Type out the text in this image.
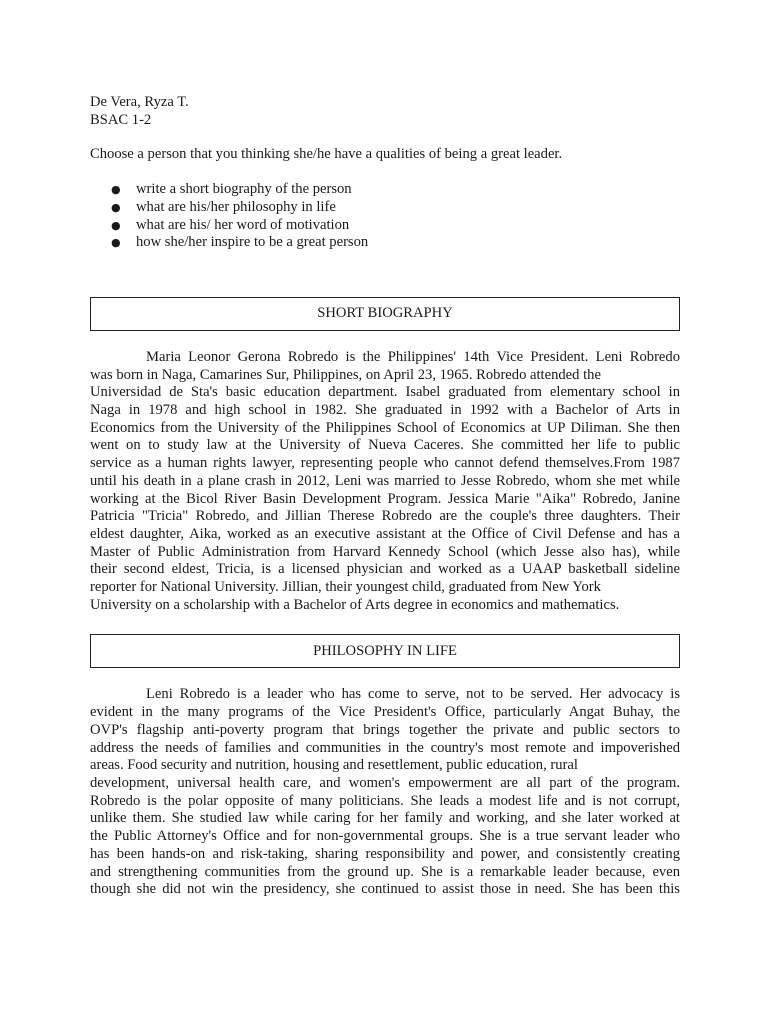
De Vera, Ryza T.

BSAC 1-2

Choose a person that you thinking she/he have a qualities of being a great leader.

● write a short biography of the person
● what are his/her philosophy in life
● what are his/ her word of motivation
● how she/her inspire to be a great person
SHORT BIOGRAPHY
Maria Leonor Gerona Robredo is the Philippines' 14th Vice President. Leni Robredo
was born in Naga, Camarines Sur, Philippines, on April 23, 1965. Robredo attended the
Universidad de Sta's basic education department. Isabel graduated from elementary school in
Naga in 1978 and high school in 1982. She graduated in 1992 with a Bachelor of Arts in
Economics from the University of the Philippines School of Economics at UP Diliman. She then
went on to study law at the University of Nueva Caceres. She committed her life to public
service as a human rights lawyer, representing people who cannot defend themselves.From 1987
until his death in a plane crash in 2012, Leni was married to Jesse Robredo, whom she met while
working at the Bicol River Basin Development Program. Jessica Marie "Aika" Robredo, Janine
Patricia "Tricia" Robredo, and Jillian Therese Robredo are the couple's three daughters. Their
eldest daughter, Aika, worked as an executive assistant at the Office of Civil Defense and has a
Master of Public Administration from Harvard Kennedy School (which Jesse also has), while
their second eldest, Tricia, is a licensed physician and worked as a UAAP basketball sideline
reporter for National University. Jillian, their youngest child, graduated from New York
University on a scholarship with a Bachelor of Arts degree in economics and mathematics.
PHILOSOPHY IN LIFE
Leni Robredo is a leader who has come to serve, not to be served. Her advocacy is
evident in the many programs of the Vice President's Office, particularly Angat Buhay, the
OVP's flagship anti-poverty program that brings together the private and public sectors to
address the needs of families and communities in the country's most remote and impoverished
areas. Food security and nutrition, housing and resettlement, public education, rural
development, universal health care, and women's empowerment are all part of the program.
Robredo is the polar opposite of many politicians. She leads a modest life and is not corrupt,
unlike them. She studied law while caring for her family and working, and she later worked at
the Public Attorney's Office and for non-governmental groups. She is a true servant leader who
has been hands-on and risk-taking, sharing responsibility and power, and consistently creating
and strengthening communities from the ground up. She is a remarkable leader because, even
though she did not win the presidency, she continued to assist those in need. She has been this
